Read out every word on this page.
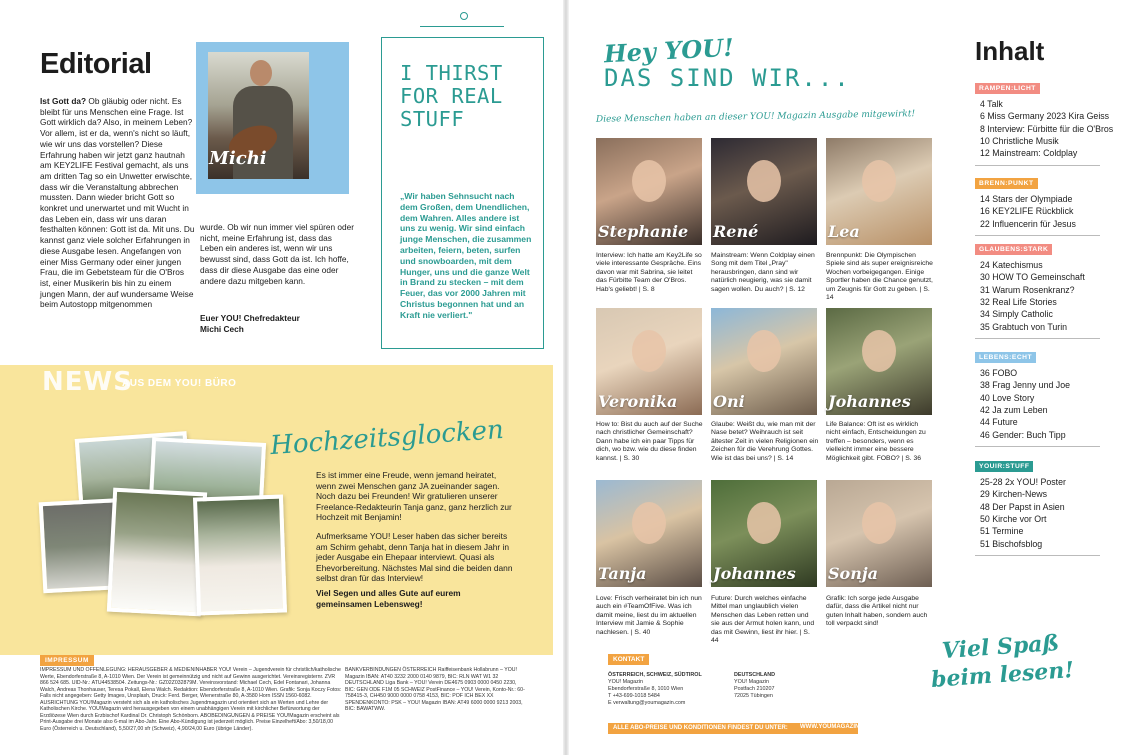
Editorial
Ist Gott da? Ob gläubig oder nicht. Es bleibt für uns Menschen eine Frage. Ist Gott wirklich da? Also, in meinem Leben? Vor allem, ist er da, wenn's nicht so läuft, wie wir uns das vorstellen? Diese Erfahrung haben wir jetzt ganz hautnah am KEY2LIFE Festival gemacht, als uns am dritten Tag so ein Unwetter erwischte, dass wir die Veranstaltung abbrechen mussten. Dann wieder bricht Gott so konkret und unerwartet und mit Wucht in das Leben ein, dass wir uns daran festhalten können: Gott ist da. Mit uns. Du kannst ganz viele solcher Erfahrungen in diese Ausgabe lesen. Angefangen von einer Miss Germany oder einer jungen Frau, die im Gebetsteam für die O'Bros ist, einer Musikerin bis hin zu einem jungen Mann, der auf wundersame Weise beim Autostopp mitgenommen
Michi
wurde. Ob wir nun immer viel spüren oder nicht, meine Erfahrung ist, dass das Leben ein anderes ist, wenn wir uns bewusst sind, dass Gott da ist. Ich hoffe, dass dir diese Ausgabe das eine oder andere dazu mitgeben kann.
Euer YOU! Chefredakteur
Michi Cech
I THIRST FOR REAL STUFF
„Wir haben Sehnsucht nach dem Großen, dem Unendlichen, dem Wahren. Alles andere ist uns zu wenig. Wir sind einfach junge Menschen, die zusammen arbeiten, feiern, beten, surfen und snowboarden, mit dem Hunger, uns und die ganze Welt in Brand zu stecken – mit dem Feuer, das vor 2000 Jahren mit Christus begonnen hat und an Kraft nie verliert."
NEWS
AUS DEM YOU! BÜRO
Hochzeitsglocken
Es ist immer eine Freude, wenn jemand heiratet, wenn zwei Menschen ganz JA zueinander sagen. Noch dazu bei Freunden! Wir gratulieren unserer Freelance-Redakteurin Tanja ganz, ganz herzlich zur Hochzeit mit Benjamin!
Aufmerksame YOU! Leser haben das sicher bereits am Schirm gehabt, denn Tanja hat in diesem Jahr in jeder Ausgabe ein Ehepaar interviewt. Quasi als Ehevorbereitung. Nächstes Mal sind die beiden dann selbst dran für das Interview!
Viel Segen und alles Gute auf eurem gemeinsamen Lebensweg!
IMPRESSUM
IMPRESSUM UND OFFENLEGUNG: HERAUSGEBER & MEDIENINHABER YOU! Verein – Jugendverein für christlich/katholische Werte, Ebendorferstraße 8, A-1010 Wien. Der Verein ist gemeinnützig und nicht auf Gewinn ausgerichtet. Vereinsregisternr. ZVR 866 524 685. UID-Nr.: ATU44538504. Zeitungs-Nr.: GZ02Z032879M. Vereinsvorstand: Michael Cech, Edel Fontanari, Johanna Walch, Andreas Thonhauser, Teresa Pokall, Elena Walch. Redaktion: Ebendorferstraße 8, A-1010 Wien. Grafik: Sonja Koczy Fotos: Falls nicht angegeben: Getty Images, Unsplash, Druck: Ferd. Berger, Wienerstraße 80, A-3580 Horn ISSN 1560-6082. AUSRICHTUNG YOU!Magazin versteht sich als ein katholisches Jugendmagazin und orientiert sich an Werten und Lehre der Katholischen Kirche. YOU!Magazin wird herausgegeben von einem unabhängigen Verein mit kirchlicher Befürwortung der Erzdiözese Wien durch Erzbischof Kardinal Dr. Christoph Schönborn. ABOBEDINGUNGEN & PREISE YOU!Magazin erscheint als Print-Ausgabe drei Monate also 6-mal im Abo-Jahr. Eine Abo-Kündigung ist jederzeit möglich. Preise Einzelheft/Abo: 3,50/18,00 Euro (Österreich u. Deutschland), 5,50/27,00 sfr (Schweiz), 4,90/24,00 Euro (übrige Länder).
BANKVERBINDUNGEN ÖSTERREICH Raiffeisenbank Hollabrunn – YOU! Magazin IBAN: AT40 3232 2000 0140 9879, BIC: RLN WAT W1 32 DEUTSCHLAND Liga Bank – YOU! Verein DE4675 0903 0000 0450 2230, BIC: GEN ODE F1M 05 SCHWEIZ PostFinance – YOU! Verein, Konto-Nr.: 60-758415-3, CH450 9000 0000 0758 4153, BIC: POF ICH BEX XX SPENDENKONTO: PSK – YOU! Magazin IBAN: AT49 6000 0000 9213 2003, BIC: BAWATWW.
Hey YOU!
DAS SIND WIR...
Diese Menschen haben an dieser YOU! Magazin Ausgabe mitgewirkt!
Stephanie
Interview: Ich hatte am Key2Life so viele interessante Gespräche. Eins davon war mit Sabrina, sie leitet das Fürbitte Team der O'Bros. Hab's geliebt! | S. 8
René
Mainstream: Wenn Coldplay einen Song mit dem Titel „Pray" herausbringen, dann sind wir natürlich neugierig, was sie damit sagen wollen. Du auch? | S. 12
Lea
Brennpunkt: Die Olympischen Spiele sind als super ereignisreiche Wochen vorbeigegangen. Einige Sportler haben die Chance genutzt, um Zeugnis für Gott zu geben. | S. 14
Veronika
How to: Bist du auch auf der Suche nach christlicher Gemeinschaft? Dann habe ich ein paar Tipps für dich, wo bzw. wie du diese finden kannst. | S. 30
Oni
Glaube: Weißt du, wie man mit der Nase betet? Weihrauch ist seit ältester Zeit in vielen Religionen ein Zeichen für die Verehrung Gottes. Wie ist das bei uns? | S. 14
Johannes
Life Balance: Oft ist es wirklich nicht einfach, Entscheidungen zu treffen – besonders, wenn es vielleicht immer eine bessere Möglichkeit gibt. FOBO? | S. 36
Tanja
Love: Frisch verheiratet bin ich nun auch ein #TeamOfFive. Was ich damit meine, liest du im aktuellen Interview mit Jamie & Sophie nachlesen. | S. 40
Johannes
Future: Durch welches einfache Mittel man unglaublich vielen Menschen das Leben retten und sie aus der Armut holen kann, und das mit Gewinn, liest ihr hier. | S. 44
Sonja
Grafik: Ich sorge jede Ausgabe dafür, dass die Artikel nicht nur guten Inhalt haben, sondern auch toll verpackt sind!
Inhalt
RAMPEN:LICHT
4 Talk
6 Miss Germany 2023 Kira Geiss
8 Interview: Fürbitte für die O'Bros
10 Christliche Musik
12 Mainstream: Coldplay
BRENN:PUNKT
14 Stars der Olympiade
16 KEY2LIFE Rückblick
22 Influencerin für Jesus
GLAUBENS:STARK
24 Katechismus
30 HOW TO Gemeinschaft
31 Warum Rosenkranz?
32 Real Life Stories
34 Simply Catholic
35 Grabtuch von Turin
LEBENS:ECHT
36 FOBO
38 Frag Jenny und Joe
40 Love Story
42 Ja zum Leben
44 Future
46 Gender: Buch Tipp
YOUIR:STUFF
25-28 2x YOU! Poster
29 Kirchen-News
48 Der Papst in Asien
50 Kirche vor Ort
51 Termine
51 Bischofsblog
KONTAKT
ÖSTERREICH, SCHWEIZ, SÜDTIROL
YOU! Magazin
Ebendorferstraße 8, 1010 Wien
T +43-699-1018 5484
E verwaltung@youmagazin.com
DEUTSCHLAND
YOU! Magazin
Postfach 210207
72025 Tübingen
ALLE ABO-PREISE UND KONDITIONEN FINDEST DU UNTER:	WWW.YOUMAGAZIN.COM
Viel Spaß
beim lesen!
